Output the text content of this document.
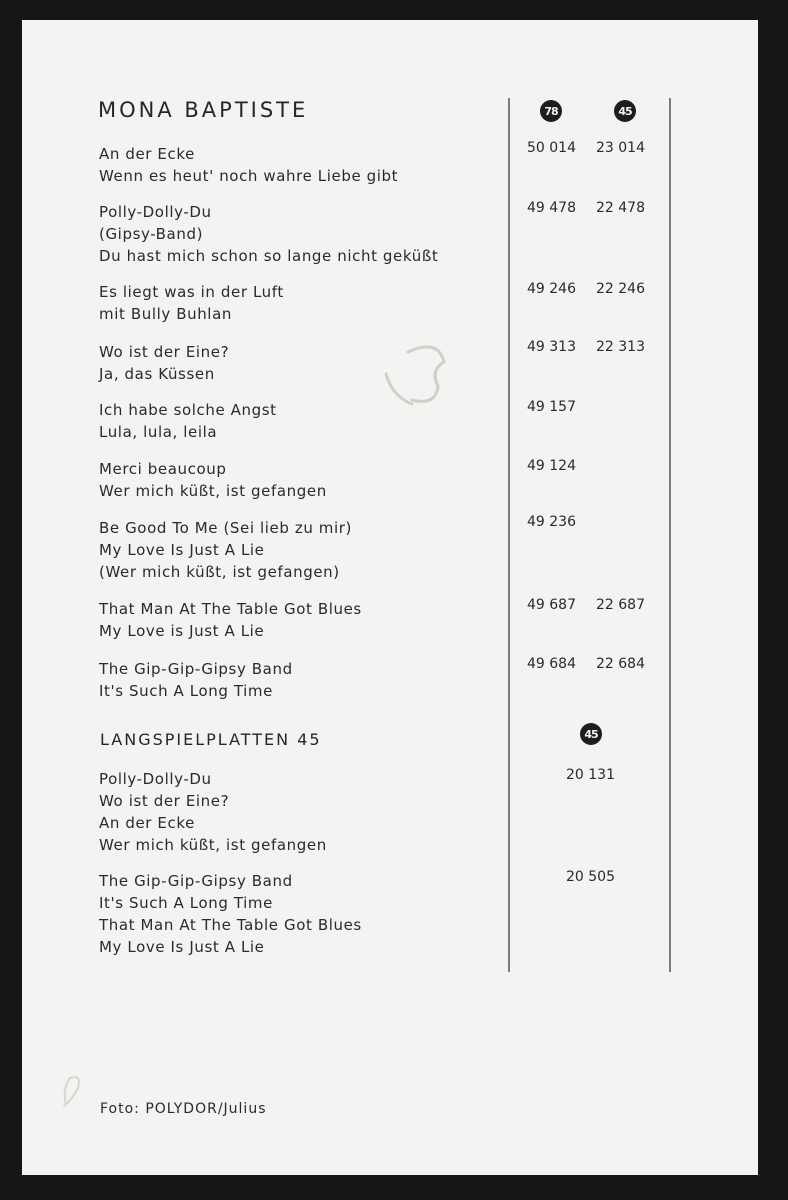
MONA BAPTISTE	78	45
An der Ecke
Wenn es heut' noch wahre Liebe gibt
50 014 23 014
Polly-Dolly-Du
(Gipsy-Band)
Du hast mich schon so lange nicht geküßt
49 478 22 478
Es liegt was in der Luft
mit Bully Buhlan
49 246 22 246
Wo ist der Eine?
Ja, das Küssen
49 313 22 313
Ich habe solche Angst
Lula, lula, leila
49 157
Merci beaucoup
Wer mich küßt, ist gefangen
49 124
Be Good To Me (Sei lieb zu mir)
My Love Is Just A Lie
(Wer mich küßt, ist gefangen)
49 236
That Man At The Table Got Blues
My Love is Just A Lie
49 687 22 687
The Gip-Gip-Gipsy Band
It's Such A Long Time
49 684 22 684
LANGSPIELPLATTEN 45	45
Polly-Dolly-Du
Wo ist der Eine?
An der Ecke
Wer mich küßt, ist gefangen
20 131
The Gip-Gip-Gipsy Band
It's Such A Long Time
That Man At The Table Got Blues
My Love Is Just A Lie
20 505
Foto: POLYDOR/Julius
